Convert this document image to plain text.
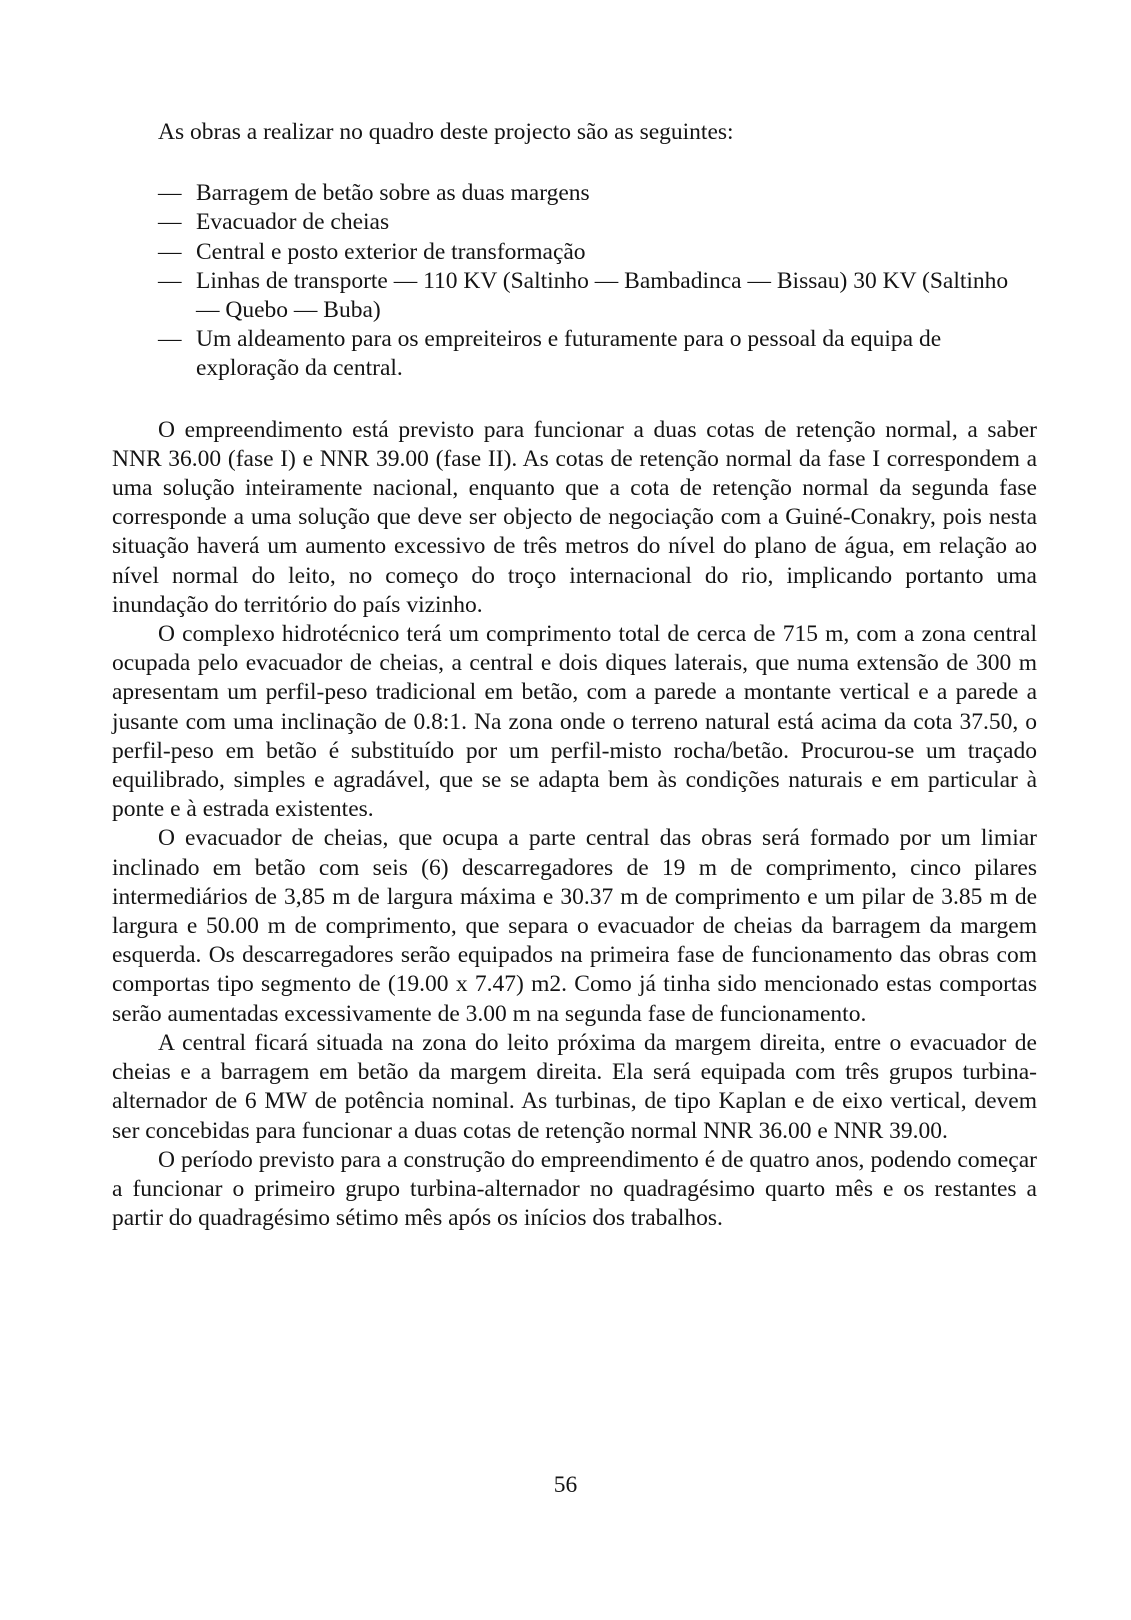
As obras a realizar no quadro deste projecto são as seguintes:

— Barragem de betão sobre as duas margens
— Evacuador de cheias
— Central e posto exterior de transformação
— Linhas de transporte — 110 KV (Saltinho — Bambadinca — Bissau) 30 KV (Saltinho — Quebo — Buba)
— Um aldeamento para os empreiteiros e futuramente para o pessoal da equipa de exploração da central.

O empreendimento está previsto para funcionar a duas cotas de retenção normal, a saber NNR 36.00 (fase I) e NNR 39.00 (fase II). As cotas de retenção normal da fase I correspondem a uma solução inteiramente nacional, enquanto que a cota de retenção normal da segunda fase corresponde a uma solução que deve ser objecto de negociação com a Guiné-Conakry, pois nesta situação haverá um aumento excessivo de três metros do nível do plano de água, em relação ao nível normal do leito, no começo do troço internacional do rio, implicando portanto uma inundação do território do país vizinho.

O complexo hidrotécnico terá um comprimento total de cerca de 715 m, com a zona central ocupada pelo evacuador de cheias, a central e dois diques laterais, que numa extensão de 300 m apresentam um perfil-peso tradicional em betão, com a parede a montante vertical e a parede a jusante com uma inclinação de 0.8:1. Na zona onde o terreno natural está acima da cota 37.50, o perfil-peso em betão é substituído por um perfil-misto rocha/betão. Procurou-se um traçado equilibrado, simples e agradável, que se se adapta bem às condições naturais e em particular à ponte e à estrada existentes.

O evacuador de cheias, que ocupa a parte central das obras será formado por um limiar inclinado em betão com seis (6) descarregadores de 19 m de comprimento, cinco pilares intermediários de 3,85 m de largura máxima e 30.37 m de comprimento e um pilar de 3.85 m de largura e 50.00 m de comprimento, que separa o evacuador de cheias da barragem da margem esquerda. Os descarregadores serão equipados na primeira fase de funcionamento das obras com comportas tipo segmento de (19.00 x 7.47) m2. Como já tinha sido mencionado estas comportas serão aumentadas excessivamente de 3.00 m na segunda fase de funcionamento.

A central ficará situada na zona do leito próxima da margem direita, entre o evacuador de cheias e a barragem em betão da margem direita. Ela será equipada com três grupos turbina-alternador de 6 MW de potência nominal. As turbinas, de tipo Kaplan e de eixo vertical, devem ser concebidas para funcionar a duas cotas de retenção normal NNR 36.00 e NNR 39.00.

O período previsto para a construção do empreendimento é de quatro anos, podendo começar a funcionar o primeiro grupo turbina-alternador no quadragésimo quarto mês e os restantes a partir do quadragésimo sétimo mês após os inícios dos trabalhos.

56
